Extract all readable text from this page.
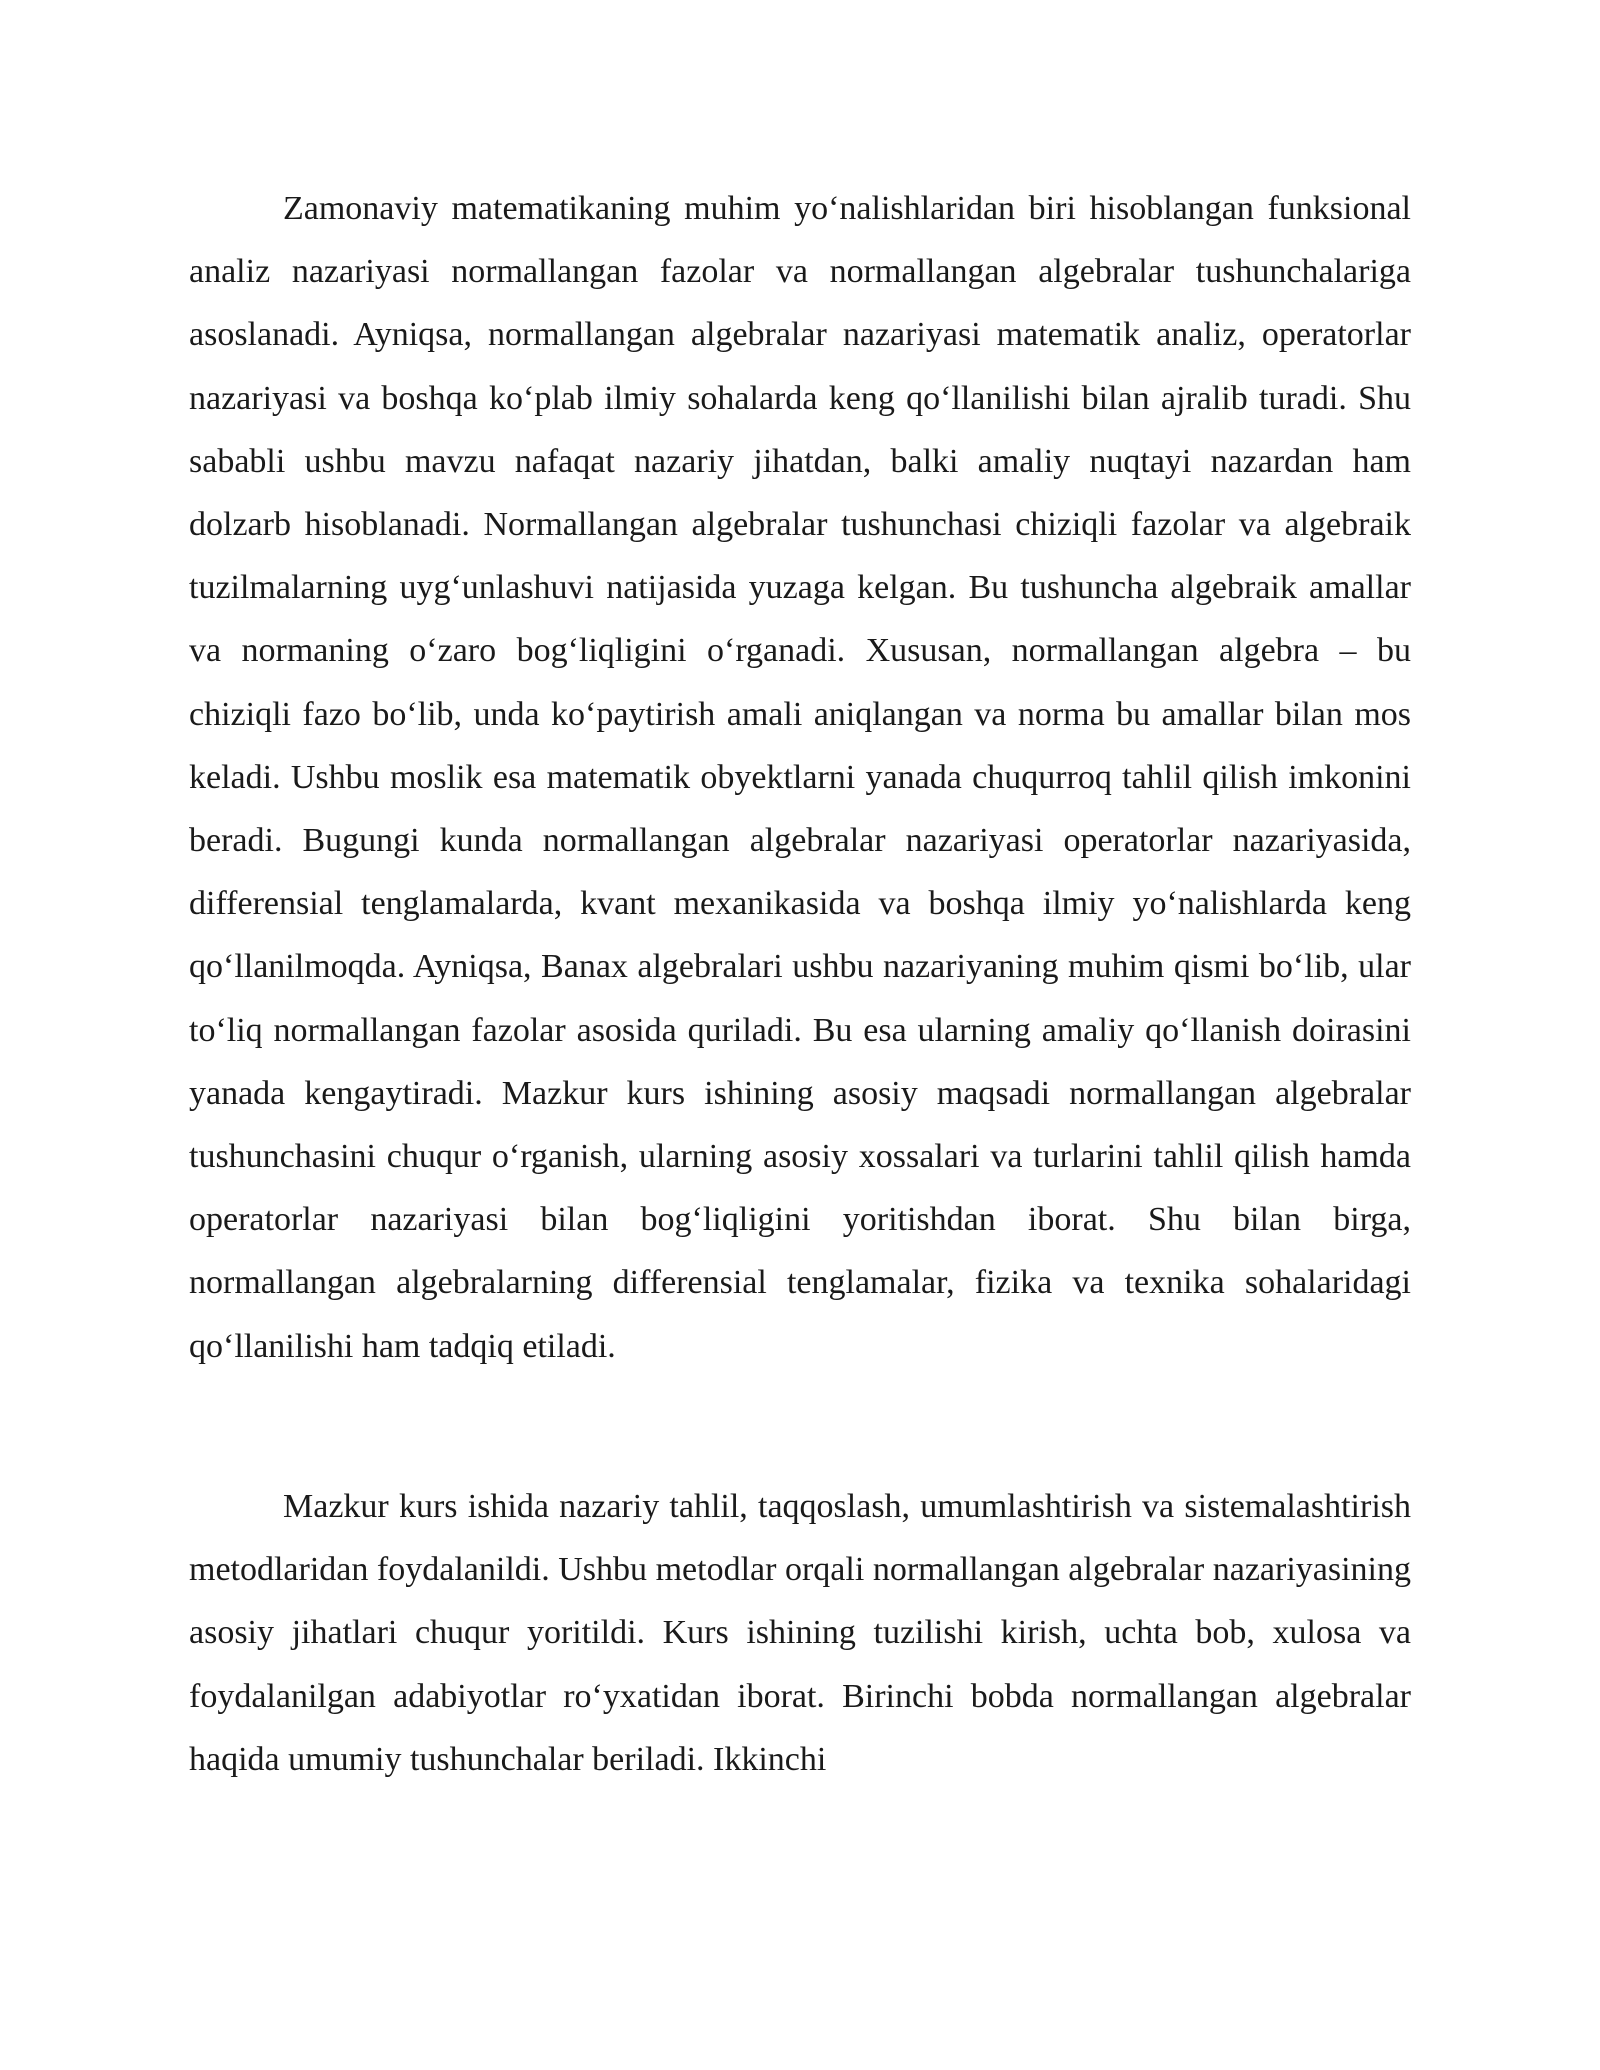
Zamonaviy matematikaning muhim yo‘nalishlaridan biri hisoblangan funksional analiz nazariyasi normallangan fazolar va normallangan algebralar tushunchalariga asoslanadi. Ayniqsa, normallangan algebralar nazariyasi matematik analiz, operatorlar nazariyasi va boshqa ko‘plab ilmiy sohalarda keng qo‘llanilishi bilan ajralib turadi. Shu sababli ushbu mavzu nafaqat nazariy jihatdan, balki amaliy nuqtayi nazardan ham dolzarb hisoblanadi. Normallangan algebralar tushunchasi chiziqli fazolar va algebraik tuzilmalarning uyg‘unlashuvi natijasida yuzaga kelgan. Bu tushuncha algebraik amallar va normaning o‘zaro bog‘liqligini o‘rganadi. Xususan, normallangan algebra – bu chiziqli fazo bo‘lib, unda ko‘paytirish amali aniqlangan va norma bu amallar bilan mos keladi. Ushbu moslik esa matematik obyektlarni yanada chuqurroq tahlil qilish imkonini beradi. Bugungi kunda normallangan algebralar nazariyasi operatorlar nazariyasida, differensial tenglamalarda, kvant mexanikasida va boshqa ilmiy yo‘nalishlarda keng qo‘llanilmoqda. Ayniqsa, Banax algebralari ushbu nazariyaning muhim qismi bo‘lib, ular to‘liq normallangan fazolar asosida quriladi. Bu esa ularning amaliy qo‘llanish doirasini yanada kengaytiradi. Mazkur kurs ishining asosiy maqsadi normallangan algebralar tushunchasini chuqur o‘rganish, ularning asosiy xossalari va turlarini tahlil qilish hamda operatorlar nazariyasi bilan bog‘liqligini yoritishdan iborat. Shu bilan birga, normallangan algebralarning differensial tenglamalar, fizika va texnika sohalaridagi qo‘llanilishi ham tadqiq etiladi.

Mazkur kurs ishida nazariy tahlil, taqqoslash, umumlashtirish va sistemalashtirish metodlaridan foydalanildi. Ushbu metodlar orqali normallangan algebralar nazariyasining asosiy jihatlari chuqur yoritildi. Kurs ishining tuzilishi kirish, uchta bob, xulosa va foydalanilgan adabiyotlar ro‘yxatidan iborat. Birinchi bobda normallangan algebralar haqida umumiy tushunchalar beriladi. Ikkinchi
